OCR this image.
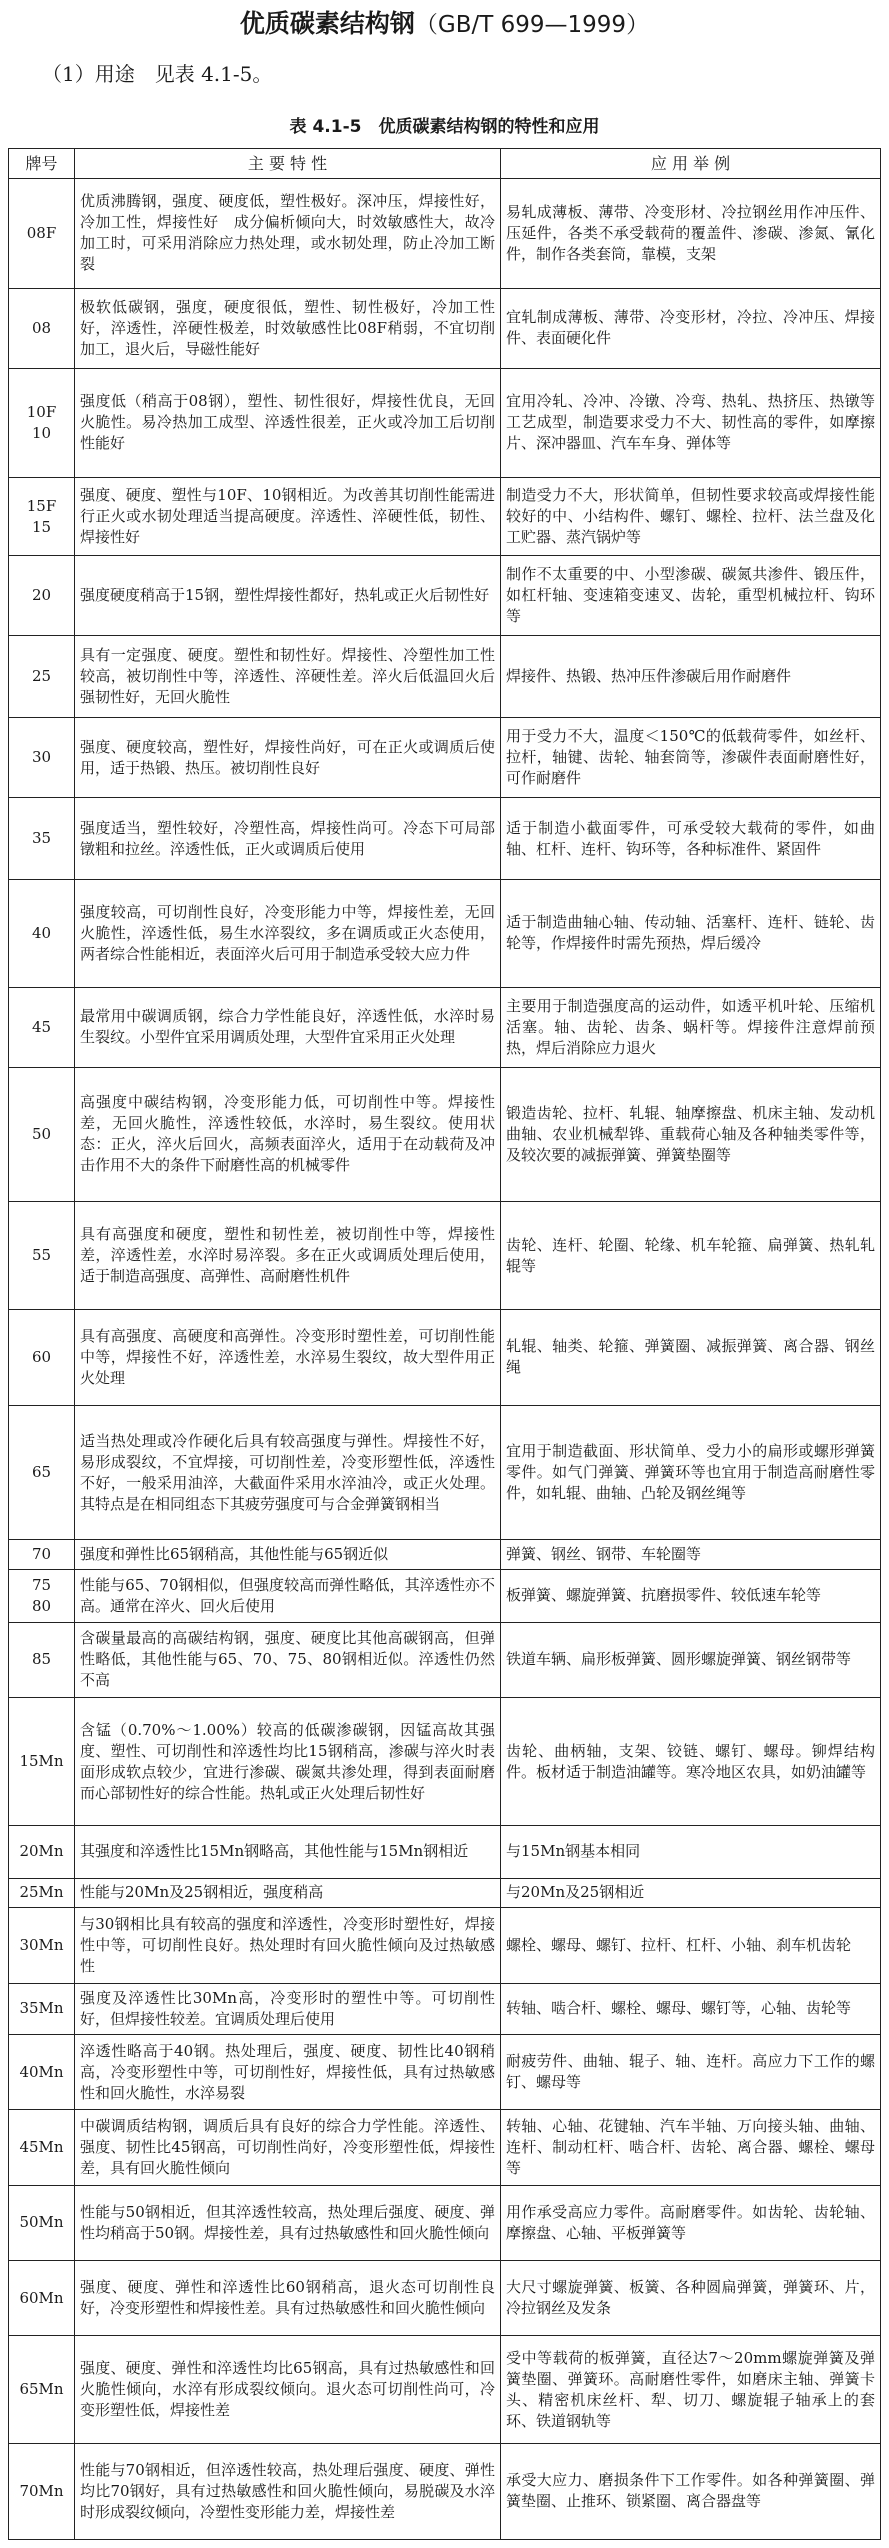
优质碳素结构钢（GB/T 699—1999）
（1）用途　见表 4.1-5。
表 4.1-5　优质碳素结构钢的特性和应用
牌号	主 要 特 性	应 用 举 例
08F	优质沸腾钢，强度、硬度低，塑性极好。深冲压，焊接性好，冷加工性，焊接性好　成分偏析倾向大，时效敏感性大，故冷加工时，可采用消除应力热处理，或水韧处理，防止冷加工断裂	易轧成薄板、薄带、冷变形材、冷拉钢丝用作冲压件、压延件，各类不承受载荷的覆盖件、渗碳、渗氮、氰化件，制作各类套筒，靠模，支架
08	极软低碳钢，强度，硬度很低，塑性、韧性极好，冷加工性好，淬透性，淬硬性极差，时效敏感性比08F稍弱，不宜切削加工，退火后，导磁性能好	宜轧制成薄板、薄带、冷变形材，冷拉、冷冲压、焊接件、表面硬化件
10F
10	强度低（稍高于08钢），塑性、韧性很好，焊接性优良，无回火脆性。易冷热加工成型、淬透性很差，正火或冷加工后切削性能好	宜用冷轧、冷冲、冷镦、冷弯、热轧、热挤压、热镦等工艺成型，制造要求受力不大、韧性高的零件，如摩擦片、深冲器皿、汽车车身、弹体等
15F
15	强度、硬度、塑性与10F、10钢相近。为改善其切削性能需进行正火或水韧处理适当提高硬度。淬透性、淬硬性低，韧性、焊接性好	制造受力不大，形状简单，但韧性要求较高或焊接性能较好的中、小结构件、螺钉、螺栓、拉杆、法兰盘及化工贮器、蒸汽锅炉等
20	强度硬度稍高于15钢，塑性焊接性都好，热轧或正火后韧性好	制作不太重要的中、小型渗碳、碳氮共渗件、锻压件，如杠杆轴、变速箱变速叉、齿轮，重型机械拉杆、钩环等
25	具有一定强度、硬度。塑性和韧性好。焊接性、冷塑性加工性较高，被切削性中等，淬透性、淬硬性差。淬火后低温回火后强韧性好，无回火脆性	焊接件、热锻、热冲压件渗碳后用作耐磨件
30	强度、硬度较高，塑性好，焊接性尚好，可在正火或调质后使用，适于热锻、热压。被切削性良好	用于受力不大，温度＜150℃的低载荷零件，如丝杆、拉杆，轴键、齿轮、轴套筒等，渗碳件表面耐磨性好，可作耐磨件
35	强度适当，塑性较好，冷塑性高，焊接性尚可。冷态下可局部镦粗和拉丝。淬透性低，正火或调质后使用	适于制造小截面零件，可承受较大载荷的零件，如曲轴、杠杆、连杆、钩环等，各种标准件、紧固件
40	强度较高，可切削性良好，冷变形能力中等，焊接性差，无回火脆性，淬透性低，易生水淬裂纹，多在调质或正火态使用，两者综合性能相近，表面淬火后可用于制造承受较大应力件	适于制造曲轴心轴、传动轴、活塞杆、连杆、链轮、齿轮等，作焊接件时需先预热，焊后缓冷
45	最常用中碳调质钢，综合力学性能良好，淬透性低，水淬时易生裂纹。小型件宜采用调质处理，大型件宜采用正火处理	主要用于制造强度高的运动件，如透平机叶轮、压缩机活塞。轴、齿轮、齿条、蜗杆等。焊接件注意焊前预热，焊后消除应力退火
50	高强度中碳结构钢，冷变形能力低，可切削性中等。焊接性差，无回火脆性，淬透性较低，水淬时，易生裂纹。使用状态：正火，淬火后回火，高频表面淬火，适用于在动载荷及冲击作用不大的条件下耐磨性高的机械零件	锻造齿轮、拉杆、轧辊、轴摩擦盘、机床主轴、发动机曲轴、农业机械犁铧、重载荷心轴及各种轴类零件等，及较次要的减振弹簧、弹簧垫圈等
55	具有高强度和硬度，塑性和韧性差，被切削性中等，焊接性差，淬透性差，水淬时易淬裂。多在正火或调质处理后使用，适于制造高强度、高弹性、高耐磨性机件	齿轮、连杆、轮圈、轮缘、机车轮箍、扁弹簧、热轧轧辊等
60	具有高强度、高硬度和高弹性。冷变形时塑性差，可切削性能中等，焊接性不好，淬透性差，水淬易生裂纹，故大型件用正火处理	轧辊、轴类、轮箍、弹簧圈、减振弹簧、离合器、钢丝绳
65	适当热处理或冷作硬化后具有较高强度与弹性。焊接性不好，易形成裂纹，不宜焊接，可切削性差，冷变形塑性低，淬透性不好，一般采用油淬，大截面件采用水淬油冷，或正火处理。其特点是在相同组态下其疲劳强度可与合金弹簧钢相当	宜用于制造截面、形状简单、受力小的扁形或螺形弹簧零件。如气门弹簧、弹簧环等也宜用于制造高耐磨性零件，如轧辊、曲轴、凸轮及钢丝绳等
70	强度和弹性比65钢稍高，其他性能与65钢近似	弹簧、钢丝、钢带、车轮圈等
75
80	性能与65、70钢相似，但强度较高而弹性略低，其淬透性亦不高。通常在淬火、回火后使用	板弹簧、螺旋弹簧、抗磨损零件、较低速车轮等
85	含碳量最高的高碳结构钢，强度、硬度比其他高碳钢高，但弹性略低，其他性能与65、70、75、80钢相近似。淬透性仍然不高	铁道车辆、扁形板弹簧、圆形螺旋弹簧、钢丝钢带等
15Mn	含锰（0.70%～1.00%）较高的低碳渗碳钢，因锰高故其强度、塑性、可切削性和淬透性均比15钢稍高，渗碳与淬火时表面形成软点较少，宜进行渗碳、碳氮共渗处理，得到表面耐磨而心部韧性好的综合性能。热轧或正火处理后韧性好	齿轮、曲柄轴，支架、铰链、螺钉、螺母。铆焊结构件。板材适于制造油罐等。寒冷地区农具，如奶油罐等
20Mn	其强度和淬透性比15Mn钢略高，其他性能与15Mn钢相近	与15Mn钢基本相同
25Mn	性能与20Mn及25钢相近，强度稍高	与20Mn及25钢相近
30Mn	与30钢相比具有较高的强度和淬透性，冷变形时塑性好，焊接性中等，可切削性良好。热处理时有回火脆性倾向及过热敏感性	螺栓、螺母、螺钉、拉杆、杠杆、小轴、刹车机齿轮
35Mn	强度及淬透性比30Mn高，冷变形时的塑性中等。可切削性好，但焊接性较差。宜调质处理后使用	转轴、啮合杆、螺栓、螺母、螺钉等，心轴、齿轮等
40Mn	淬透性略高于40钢。热处理后，强度、硬度、韧性比40钢稍高，冷变形塑性中等，可切削性好，焊接性低，具有过热敏感性和回火脆性，水淬易裂	耐疲劳件、曲轴、辊子、轴、连杆。高应力下工作的螺钉、螺母等
45Mn	中碳调质结构钢，调质后具有良好的综合力学性能。淬透性、强度、韧性比45钢高，可切削性尚好，冷变形塑性低，焊接性差，具有回火脆性倾向	转轴、心轴、花键轴、汽车半轴、万向接头轴、曲轴、连杆、制动杠杆、啮合杆、齿轮、离合器、螺栓、螺母等
50Mn	性能与50钢相近，但其淬透性较高，热处理后强度、硬度、弹性均稍高于50钢。焊接性差，具有过热敏感性和回火脆性倾向	用作承受高应力零件。高耐磨零件。如齿轮、齿轮轴、摩擦盘、心轴、平板弹簧等
60Mn	强度、硬度、弹性和淬透性比60钢稍高，退火态可切削性良好，冷变形塑性和焊接性差。具有过热敏感性和回火脆性倾向	大尺寸螺旋弹簧、板簧、各种圆扁弹簧，弹簧环、片，冷拉钢丝及发条
65Mn	强度、硬度、弹性和淬透性均比65钢高，具有过热敏感性和回火脆性倾向，水淬有形成裂纹倾向。退火态可切削性尚可，冷变形塑性低，焊接性差	受中等载荷的板弹簧，直径达7～20mm螺旋弹簧及弹簧垫圈、弹簧环。高耐磨性零件，如磨床主轴、弹簧卡头、精密机床丝杆、犁、切刀、螺旋辊子轴承上的套环、铁道钢轨等
70Mn	性能与70钢相近，但淬透性较高，热处理后强度、硬度、弹性均比70钢好，具有过热敏感性和回火脆性倾向，易脱碳及水淬时形成裂纹倾向，冷塑性变形能力差，焊接性差	承受大应力、磨损条件下工作零件。如各种弹簧圈、弹簧垫圈、止推环、锁紧圈、离合器盘等
